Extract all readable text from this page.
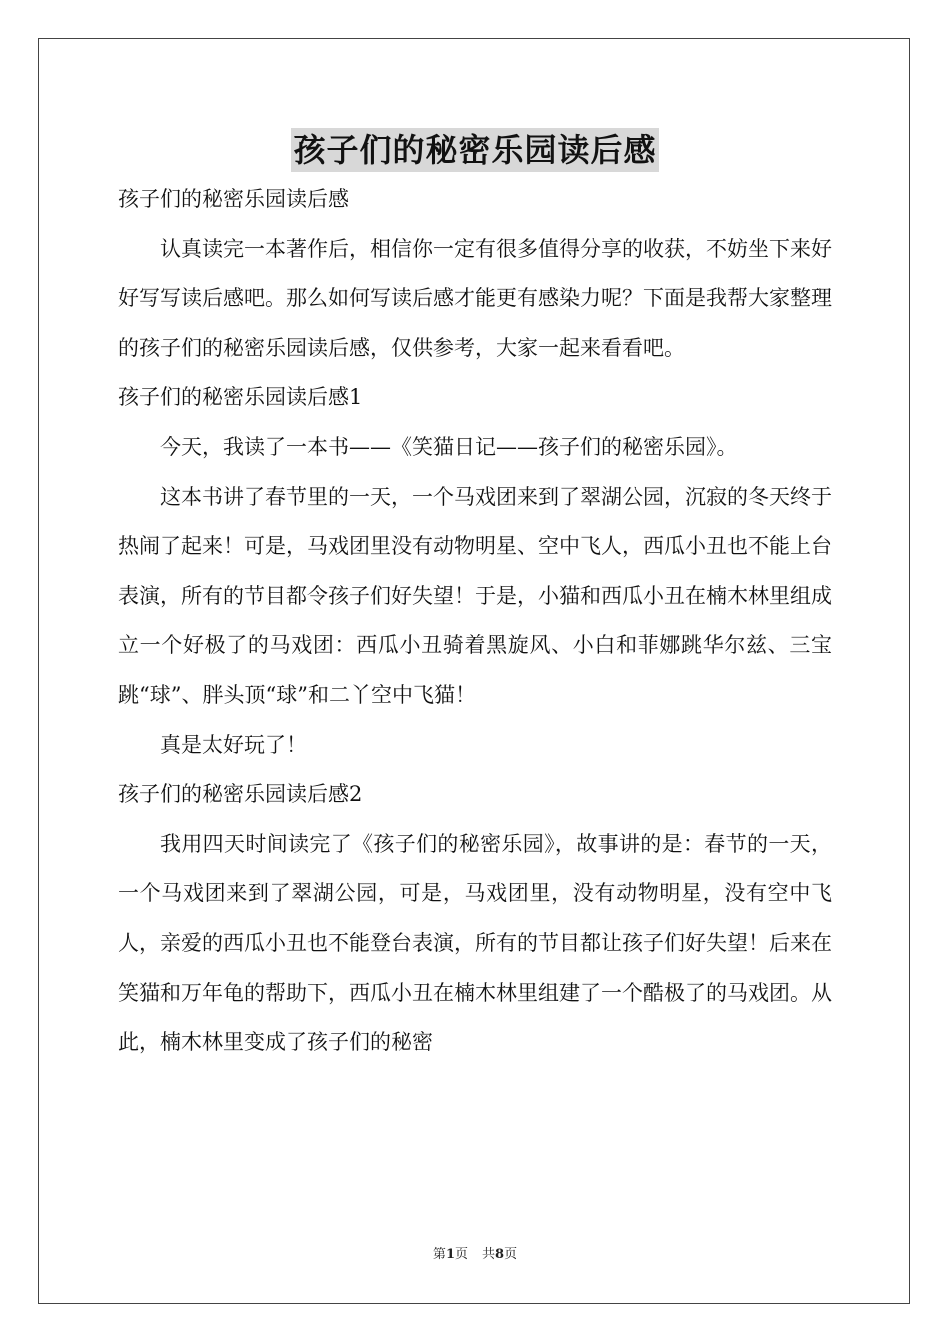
孩子们的秘密乐园读后感

孩子们的秘密乐园读后感

认真读完一本著作后，相信你一定有很多值得分享的收获，不妨坐下来好好写写读后感吧。那么如何写读后感才能更有感染力呢？下面是我帮大家整理的孩子们的秘密乐园读后感，仅供参考，大家一起来看看吧。

孩子们的秘密乐园读后感1

今天，我读了一本书——《笑猫日记——孩子们的秘密乐园》。

这本书讲了春节里的一天，一个马戏团来到了翠湖公园，沉寂的冬天终于热闹了起来！可是，马戏团里没有动物明星、空中飞人，西瓜小丑也不能上台表演，所有的节目都令孩子们好失望！于是，小猫和西瓜小丑在楠木林里组成立一个好极了的马戏团：西瓜小丑骑着黑旋风、小白和菲娜跳华尔兹、三宝跳“球”、胖头顶“球”和二丫空中飞猫！

真是太好玩了！

孩子们的秘密乐园读后感2

我用四天时间读完了《孩子们的秘密乐园》，故事讲的是：春节的一天，一个马戏团来到了翠湖公园，可是，马戏团里，没有动物明星，没有空中飞人，亲爱的西瓜小丑也不能登台表演，所有的节目都让孩子们好失望！后来在笑猫和万年龟的帮助下，西瓜小丑在楠木林里组建了一个酷极了的马戏团。从此，楠木林里变成了孩子们的秘密

第1页 共8页
